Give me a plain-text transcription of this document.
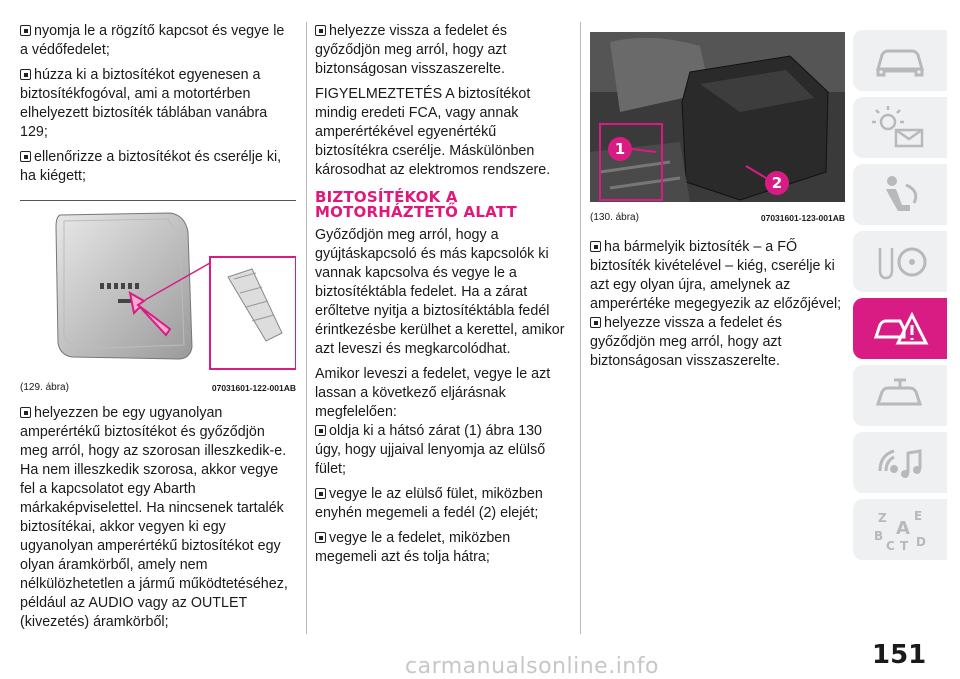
nyomja le a rögzítő kapcsot és vegye le a védőfedelet;

húzza ki a biztosítékot egyenesen a biztosítékfogóval, ami a motortérben elhelyezett biztosíték táblában vanábra 129;

ellenőrizze a biztosítékot és cserélje ki, ha kiégett;

(129. ábra)	07031601-122-001AB

helyezzen be egy ugyanolyan amperértékű biztosítékot és győződjön meg arról, hogy az szorosan illeszkedik-e. Ha nem illeszkedik szorosa, akkor vegye fel a kapcsolatot egy Abarth márkaképviselettel. Ha nincsenek tartalék biztosítékai, akkor vegyen ki egy ugyanolyan amperértékű biztosítékot egy olyan áramkörből, amely nem nélkülözhetetlen a jármű működtetéséhez, például az AUDIO vagy az OUTLET (kivezetés) áramkörből;

helyezze vissza a fedelet és győződjön meg arról, hogy azt biztonságosan visszaszerelte.

FIGYELMEZTETÉS A biztosítékot mindig eredeti FCA, vagy annak amperértékével egyenértékű biztosítékra cserélje. Máskülönben károsodhat az elektromos rendszere.

BIZTOSÍTÉKOK A MOTORHÁZTETŐ ALATT

Győződjön meg arról, hogy a gyújtáskapcsoló és más kapcsolók ki vannak kapcsolva és vegye le a biztosítéktábla fedelet. Ha a zárat erőltetve nyitja a biztosítéktábla fedél érintkezésbe kerülhet a kerettel, amikor azt leveszi és megkarcolódhat.

Amikor leveszi a fedelet, vegye le azt lassan a következő eljárásnak megfelelően:

oldja ki a hátsó zárat (1) ábra 130 úgy, hogy ujjaival lenyomja az elülső fület;

vegye le az elülső fület, miközben enyhén megemeli a fedél (2) elejét;

vegye le a fedelet, miközben megemeli azt és tolja hátra;

1
2
(130. ábra)	07031601-123-001AB

ha bármelyik biztosíték – a FŐ biztosíték kivételével – kiég, cserélje ki azt egy olyan újra, amelynek az amperértéke megegyezik az előzőjével;

helyezze vissza a fedelet és győződjön meg arról, hogy azt biztonságosan visszaszerelte.

Z E
A
B
C T D
151
carmanualsonline.info
